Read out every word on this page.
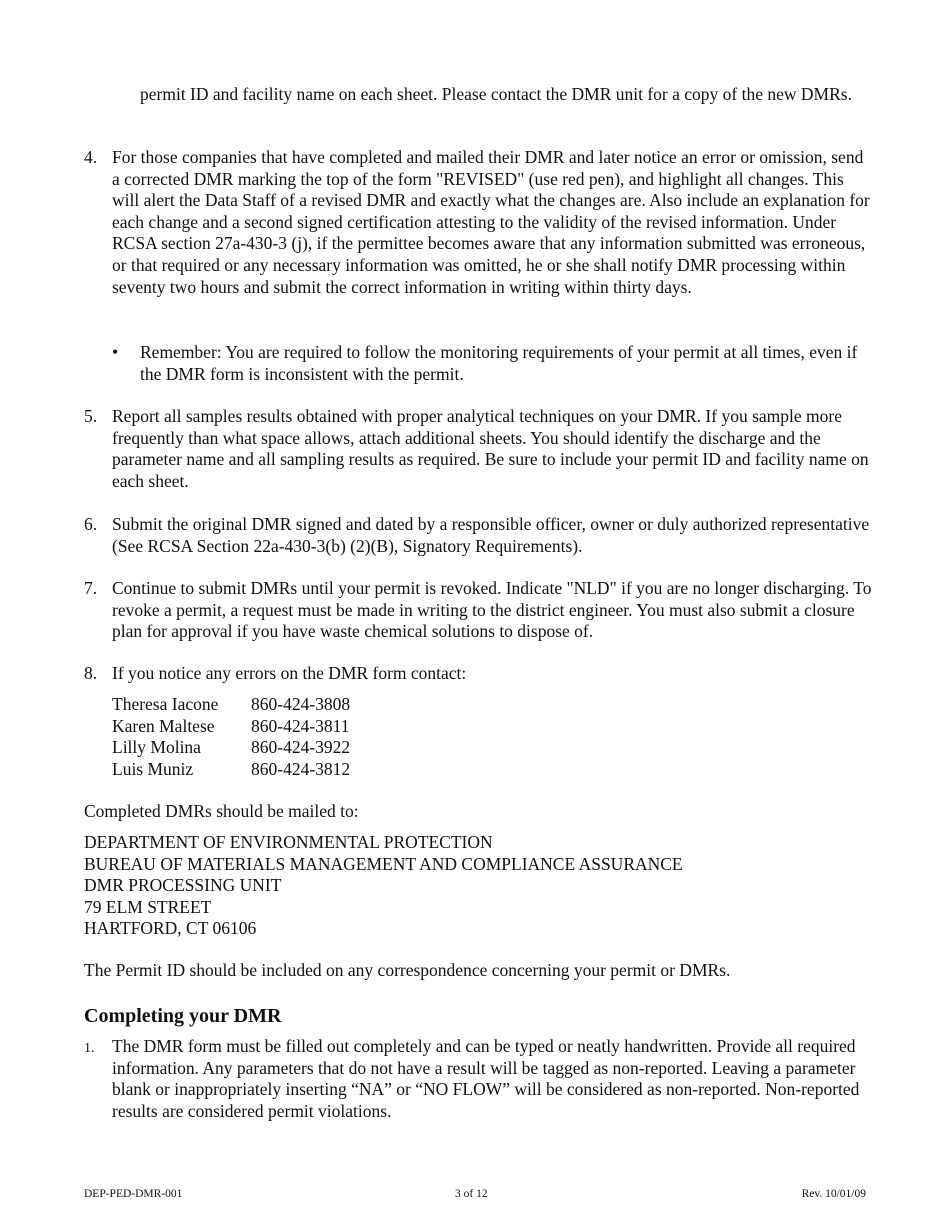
permit ID and facility name on each sheet. Please contact the DMR unit for a copy of the new DMRs.
4. For those companies that have completed and mailed their DMR and later notice an error or omission, send a corrected DMR marking the top of the form "REVISED" (use red pen), and highlight all changes. This will alert the Data Staff of a revised DMR and exactly what the changes are. Also include an explanation for each change and a second signed certification attesting to the validity of the revised information. Under RCSA section 27a-430-3 (j), if the permittee becomes aware that any information submitted was erroneous, or that required or any necessary information was omitted, he or she shall notify DMR processing within seventy two hours and submit the correct information in writing within thirty days.
• Remember: You are required to follow the monitoring requirements of your permit at all times, even if the DMR form is inconsistent with the permit.
5. Report all samples results obtained with proper analytical techniques on your DMR. If you sample more frequently than what space allows, attach additional sheets. You should identify the discharge and the parameter name and all sampling results as required. Be sure to include your permit ID and facility name on each sheet.
6. Submit the original DMR signed and dated by a responsible officer, owner or duly authorized representative (See RCSA Section 22a-430-3(b) (2)(B), Signatory Requirements).
7. Continue to submit DMRs until your permit is revoked. Indicate "NLD" if you are no longer discharging. To revoke a permit, a request must be made in writing to the district engineer. You must also submit a closure plan for approval if you have waste chemical solutions to dispose of.
8. If you notice any errors on the DMR form contact:
Theresa Iacone 860-424-3808
Karen Maltese 860-424-3811
Lilly Molina	860-424-3922
Luis Muniz	860-424-3812
Completed DMRs should be mailed to:
DEPARTMENT OF ENVIRONMENTAL PROTECTION
BUREAU OF MATERIALS MANAGEMENT AND COMPLIANCE ASSURANCE
DMR PROCESSING UNIT
79 ELM STREET
HARTFORD, CT 06106
The Permit ID should be included on any correspondence concerning your permit or DMRs.
Completing your DMR
1. The DMR form must be filled out completely and can be typed or neatly handwritten. Provide all required information. Any parameters that do not have a result will be tagged as non-reported. Leaving a parameter blank or inappropriately inserting “NA” or “NO FLOW” will be considered as non-reported. Non-reported results are considered permit violations.
DEP-PED-DMR-001	3 of 12	Rev. 10/01/09
